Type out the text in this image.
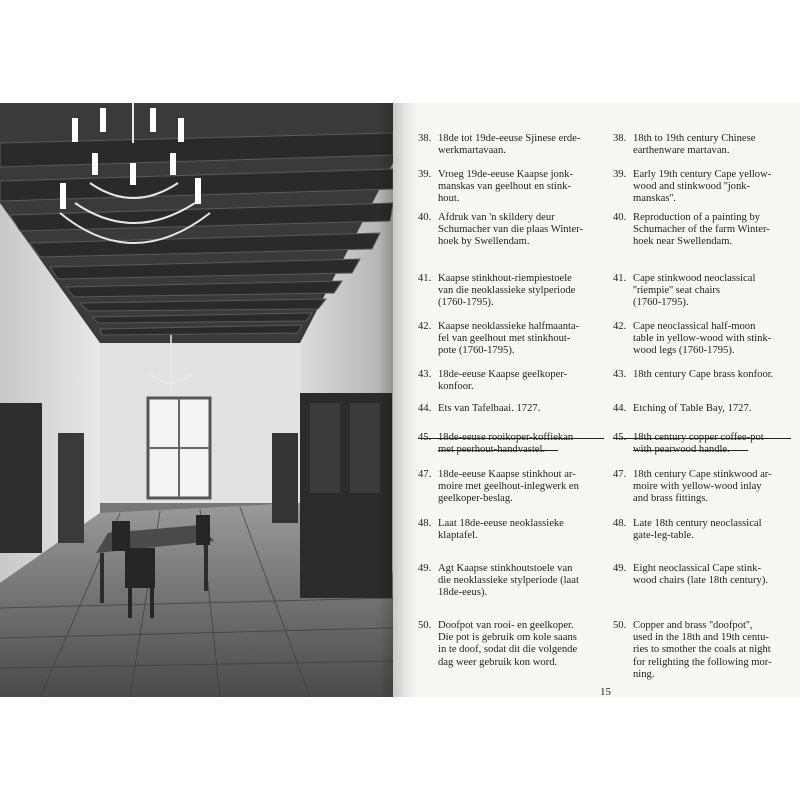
38. 18de tot 19de-eeuse Sjinese erde-
werkmartavaan.
39. Vroeg 19de-eeuse Kaapse jonk-
manskas van geelhout en stink-
hout.
40. Afdruk van 'n skildery deur
Schumacher van die plaas Winter-
hoek by Swellendam.
41. Kaapse stinkhout-riempiestoele
van die neoklassieke stylperiode
(1760-1795).
42. Kaapse neoklassieke halfmaanta-
fel van geelhout met stinkhout-
pote (1760-1795).
43. 18de-eeuse Kaapse geelkoper-
konfoor.
44. Ets van Tafelbaai. 1727.
47. 18de-eeuse Kaapse stinkhout ar-
moire met geelhout-inlegwerk en
geelkoper-beslag.
48. Laat 18de-eeuse neoklassieke
klaptafel.
49. Agt Kaapse stinkhoutstoele van
die neoklassieke stylperiode (laat
18de-eeus).
50. Doofpot van rooi- en geelkoper.
Die pot is gebruik om kole saans
in te doof, sodat dit die volgende
dag weer gebruik kon word.
38. 18th to 19th century Chinese
earthenware martavan.
39. Early 19th century Cape yellow-
wood and stinkwood ''jonk-
manskas''.
40. Reproduction of a painting by
Schumacher of the farm Winter-
hoek near Swellendam.
41. Cape stinkwood neoclassical
''riempie'' seat chairs
(1760-1795).
42. Cape neoclassical half-moon
table in yellow-wood with stink-
wood legs (1760-1795).
43. 18th century Cape brass konfoor.
44. Etching of Table Bay, 1727.
47. 18th century Cape stinkwood ar-
moire with yellow-wood inlay
and brass fittings.
48. Late 18th century neoclassical
gate-leg-table.
49. Eight neoclassical Cape stink-
wood chairs (late 18th century).
50. Copper and brass ''doofpot'',
used in the 18th and 19th centu-
ries to smother the coals at night
for relighting the following mor-
ning.
15
